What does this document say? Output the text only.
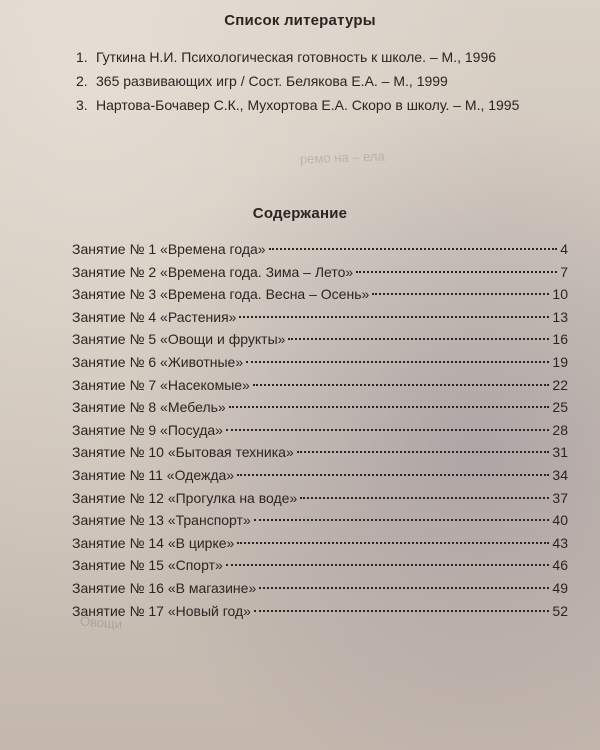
ремо на – ела
Овощи
Список литературы
1. Гуткина Н.И. Психологическая готовность к школе. – М., 1996
2. 365 развивающих игр / Сост. Белякова Е.А. – М., 1999
3. Нартова-Бочавер С.К., Мухортова Е.А. Скоро в школу. – М., 1995
Содержание
Занятие № 1 «Времена года»	4
Занятие № 2 «Времена года. Зима – Лето»	7
Занятие № 3 «Времена года. Весна – Осень»	10
Занятие № 4 «Растения»	13
Занятие № 5 «Овощи и фрукты»	16
Занятие № 6 «Животные»	19
Занятие № 7 «Насекомые»	22
Занятие № 8 «Мебель»	25
Занятие № 9 «Посуда»	28
Занятие № 10 «Бытовая техника»	31
Занятие № 11 «Одежда»	34
Занятие № 12 «Прогулка на воде»	37
Занятие № 13 «Транспорт»	40
Занятие № 14 «В цирке»	43
Занятие № 15 «Спорт»	46
Занятие № 16 «В магазине»	49
Занятие № 17 «Новый год»	52
